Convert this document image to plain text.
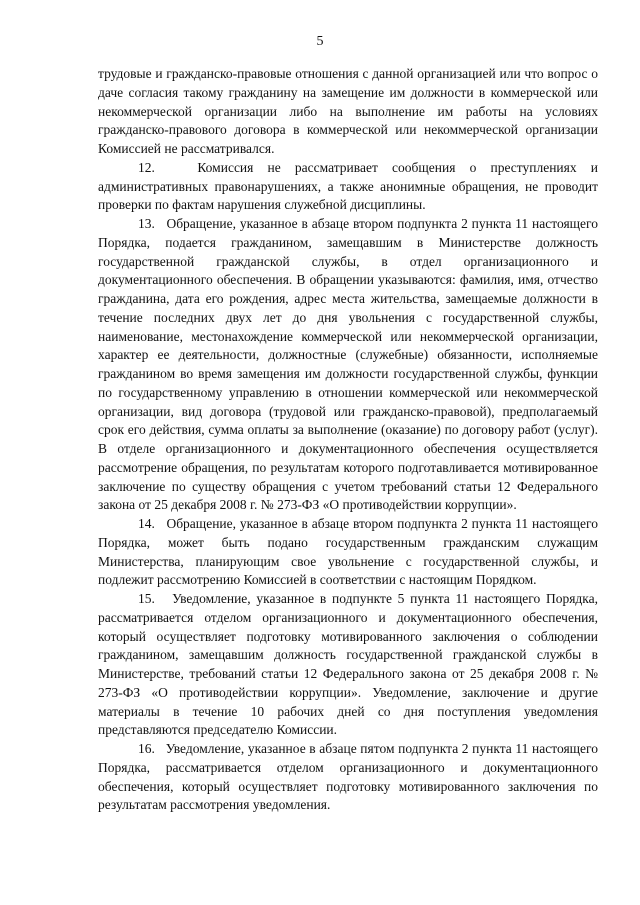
5

трудовые и гражданско-правовые отношения с данной организацией или что вопрос о даче согласия такому гражданину на замещение им должности в коммерческой или некоммерческой организации либо на выполнение им работы на условиях гражданско-правового договора в коммерческой или некоммерческой организации Комиссией не рассматривался.

12.   Комиссия не рассматривает сообщения о преступлениях и административных правонарушениях, а также анонимные обращения, не проводит проверки по фактам нарушения служебной дисциплины.

13.   Обращение, указанное в абзаце втором подпункта 2 пункта 11 настоящего Порядка, подается гражданином, замещавшим в Министерстве должность государственной гражданской службы, в отдел организационного и документационного обеспечения. В обращении указываются: фамилия, имя, отчество гражданина, дата его рождения, адрес места жительства, замещаемые должности в течение последних двух лет до дня увольнения с государственной службы, наименование, местонахождение коммерческой или некоммерческой организации, характер ее деятельности, должностные (служебные) обязанности, исполняемые гражданином во время замещения им должности государственной службы, функции по государственному управлению в отношении коммерческой или некоммерческой организации, вид договора (трудовой или гражданско-правовой), предполагаемый срок его действия, сумма оплаты за выполнение (оказание) по договору работ (услуг). В отделе организационного и документационного обеспечения осуществляется рассмотрение обращения, по результатам которого подготавливается мотивированное заключение по существу обращения с учетом требований статьи 12 Федерального закона от 25 декабря 2008 г. № 273-ФЗ «О противодействии коррупции».

14.   Обращение, указанное в абзаце втором подпункта 2 пункта 11 настоящего Порядка, может быть подано государственным гражданским служащим Министерства, планирующим свое увольнение с государственной службы, и подлежит рассмотрению Комиссией в соответствии с настоящим Порядком.

15.   Уведомление, указанное в подпункте 5 пункта 11 настоящего Порядка, рассматривается отделом организационного и документационного обеспечения, который осуществляет подготовку мотивированного заключения о соблюдении гражданином, замещавшим должность государственной гражданской службы в Министерстве, требований статьи 12 Федерального закона от 25 декабря 2008 г. № 273-ФЗ «О противодействии коррупции». Уведомление, заключение и другие материалы в течение 10 рабочих дней со дня поступления уведомления представляются председателю Комиссии.

16.   Уведомление, указанное в абзаце пятом подпункта 2 пункта 11 настоящего Порядка, рассматривается отделом организационного и документационного обеспечения, который осуществляет подготовку мотивированного заключения по результатам рассмотрения уведомления.
